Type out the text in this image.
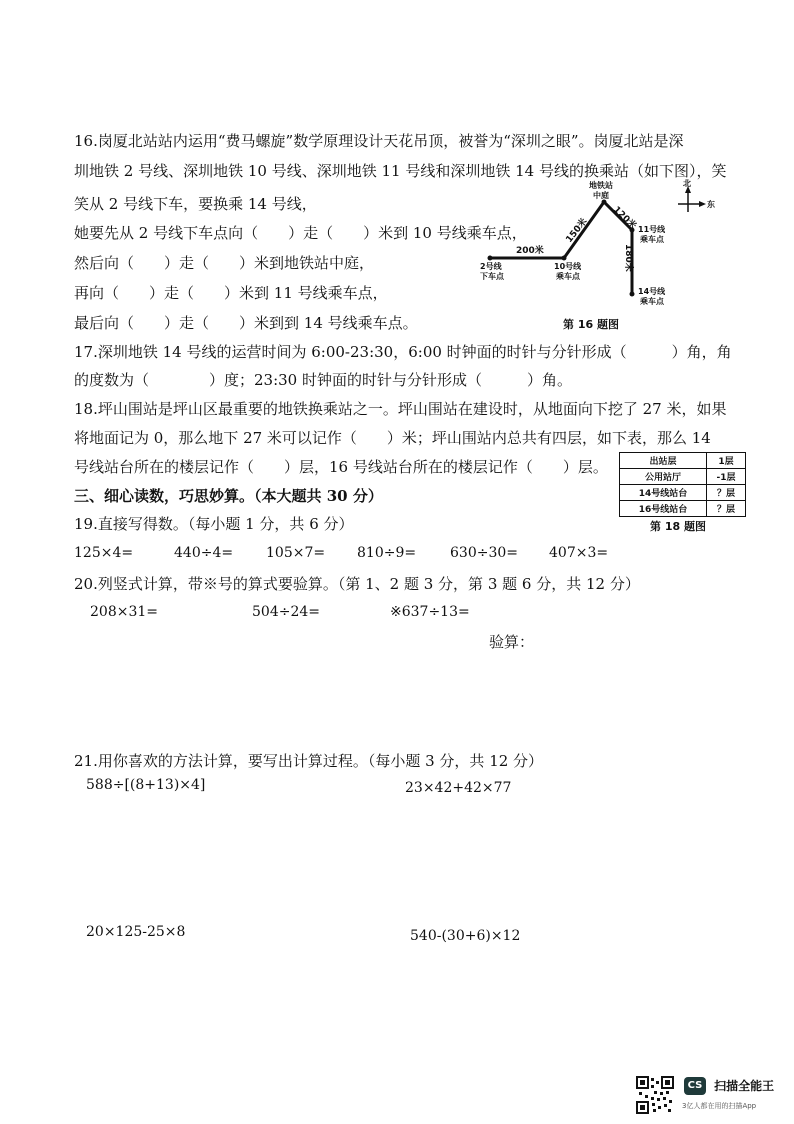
16.岗厦北站站内运用“费马螺旋”数学原理设计天花吊顶，被誉为“深圳之眼”。岗厦北站是深
圳地铁 2 号线、深圳地铁 10 号线、深圳地铁 11 号线和深圳地铁 14 号线的换乘站（如下图），笑
笑从 2 号线下车，要换乘 14 号线，
她要先从 2 号线下车点向（　　）走（　　）米到 10 号线乘车点，
然后向（　　）走（　　）米到地铁站中庭，
再向（　　）走（　　）米到 11 号线乘车点，
最后向（　　）走（　　）米到到 14 号线乘车点。
北
东
200米
150米 120米
180米
2号线
下车点
10号线
乘车点
地铁站
中庭
11号线
乘车点
14号线
乘车点
第 16 题图
17.深圳地铁 14 号线的运营时间为 6:00-23:30，6:00 时钟面的时针与分针形成（　　　）角，角
的度数为（　　　　）度；23:30 时钟面的时针与分针形成（　　　）角。
18.坪山围站是坪山区最重要的地铁换乘站之一。坪山围站在建设时，从地面向下挖了 27 米，如果
将地面记为 0，那么地下 27 米可以记作（　　）米；坪山围站内总共有四层，如下表，那么 14
号线站台所在的楼层记作（　　）层，16 号线站台所在的楼层记作（　　）层。	出站层	1层
公用站厅	-1层
14号线站台	？层
16号线站台	？层
第 18 题图
三、细心读数，巧思妙算。（本大题共 30 分）
19.直接写得数。（每小题 1 分，共 6 分）
125×4=	440÷4= 105×7= 810÷9= 630÷30= 407×3=
20.列竖式计算，带※号的算式要验算。（第 1、2 题 3 分，第 3 题 6 分，共 12 分）
208×31=	504÷24=	※637÷13=
验算：
21.用你喜欢的方法计算，要写出计算过程。（每小题 3 分，共 12 分）
588÷[(8+13)×4]	23×42+42×77
20×125-25×8	540-(30+6)×12
CS 扫描全能王
3亿人都在用的扫描App
